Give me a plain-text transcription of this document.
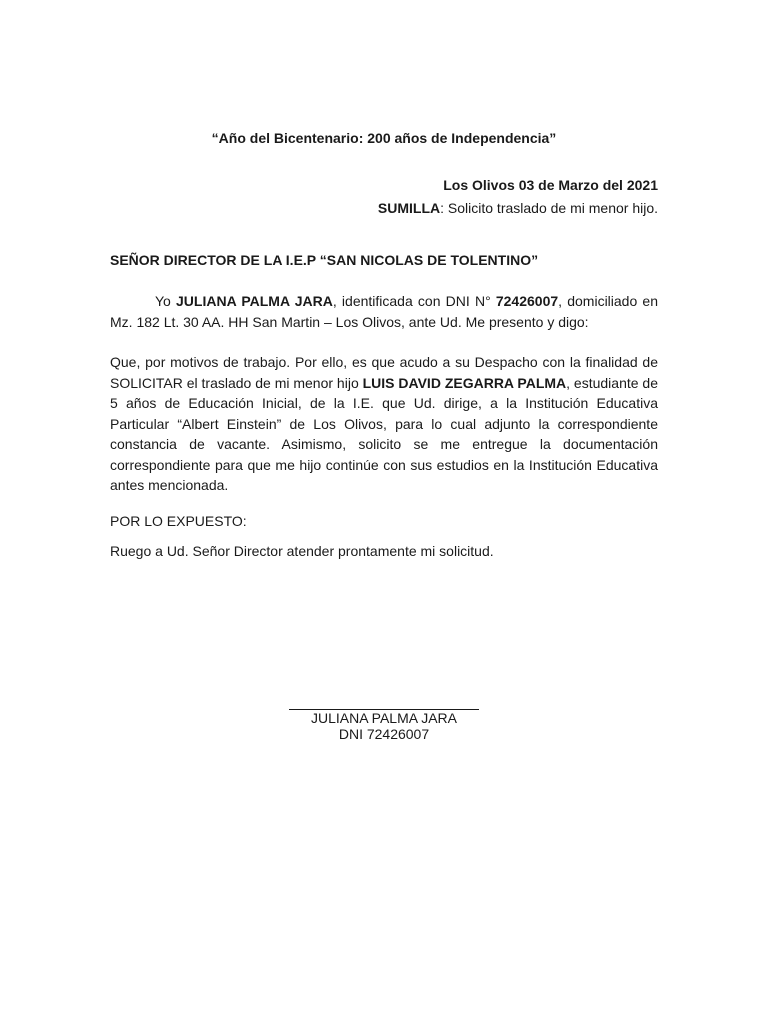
“Año del Bicentenario: 200 años de Independencia”
Los Olivos 03 de Marzo del 2021
SUMILLA: Solicito traslado de mi menor hijo.
SEÑOR DIRECTOR DE LA I.E.P “SAN NICOLAS DE TOLENTINO”

Yo JULIANA PALMA JARA, identificada con DNI N° 72426007, domiciliado en Mz. 182 Lt. 30 AA. HH San Martin – Los Olivos, ante Ud. Me presento y digo:

Que, por motivos de trabajo. Por ello, es que acudo a su Despacho con la finalidad de SOLICITAR el traslado de mi menor hijo LUIS DAVID ZEGARRA PALMA, estudiante de 5 años de Educación Inicial, de la I.E. que Ud. dirige, a la Institución Educativa Particular “Albert Einstein” de Los Olivos, para lo cual adjunto la correspondiente constancia de vacante. Asimismo, solicito se me entregue la documentación correspondiente para que me hijo continúe con sus estudios en la Institución Educativa antes mencionada.

POR LO EXPUESTO:

Ruego a Ud. Señor Director atender prontamente mi solicitud.

JULIANA PALMA JARA
DNI 72426007
